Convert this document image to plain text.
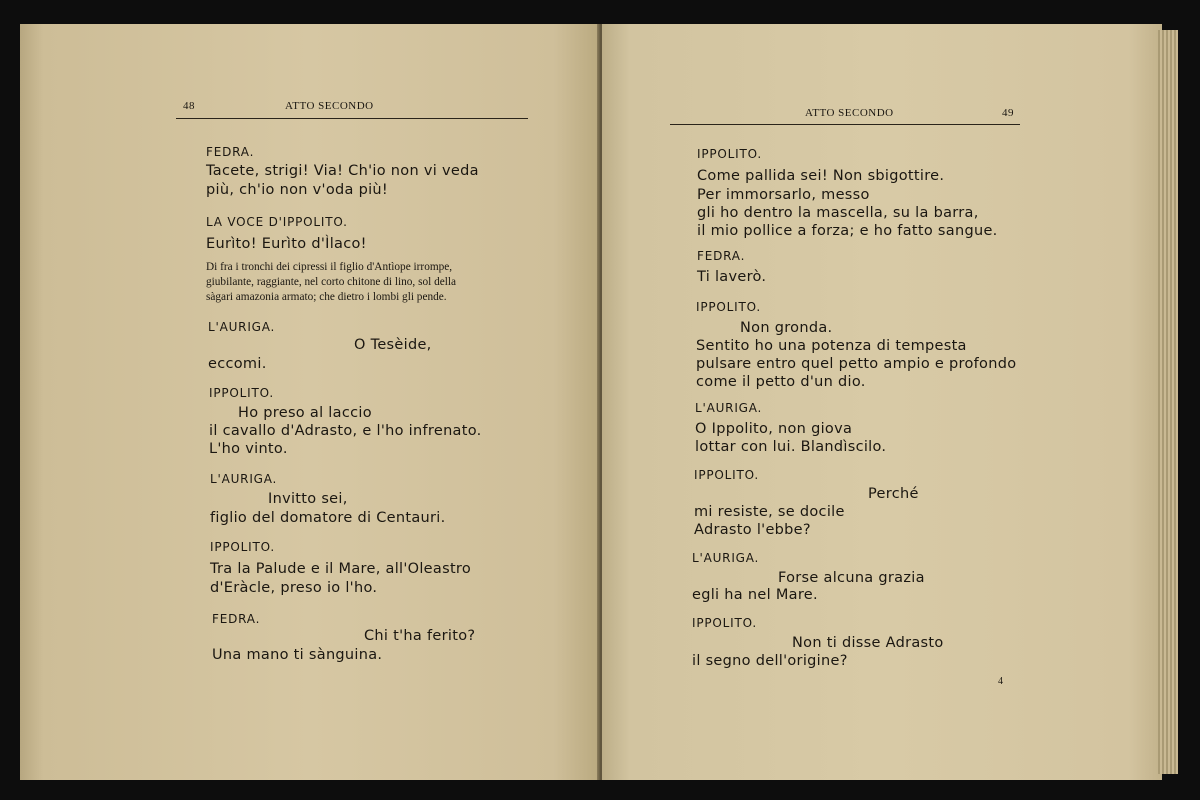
48	ATTO SECONDO
FEDRA.
Tacete, strigi! Via! Ch'io non vi veda
più, ch'io non v'oda più!
LA VOCE D'IPPOLITO.
Eurìto! Eurìto d'Ìlaco!
Di fra i tronchi dei cipressi il figlio d'Antìope irrompe,
giubilante, raggiante, nel corto chitone di lino, sol della
sàgari amazonia armato; che dietro i lombi gli pende.
L'AURIGA.
O Tesèide,
eccomi.
IPPOLITO.
Ho preso al laccio
il cavallo d'Adrasto, e l'ho infrenato.
L'ho vinto.
L'AURIGA.
Invitto sei,
figlio del domatore di Centauri.
IPPOLITO.
Tra la Palude e il Mare, all'Oleastro
d'Eràcle, preso io l'ho.
FEDRA.
Chi t'ha ferito?
Una mano ti sànguina.
ATTO SECONDO	49
IPPOLITO.
Come pallida sei! Non sbigottire.
Per immorsarlo, messo
gli ho dentro la mascella, su la barra,
il mio pollice a forza; e ho fatto sangue.
FEDRA.
Ti laverò.
IPPOLITO.
Non gronda.
Sentito ho una potenza di tempesta
pulsare entro quel petto ampio e profondo
come il petto d'un dio.
L'AURIGA.
O Ippolito, non giova
lottar con lui. Blandìscilo.
IPPOLITO.
Perché
mi resiste, se docile
Adrasto l'ebbe?
L'AURIGA.
Forse alcuna grazia
egli ha nel Mare.
IPPOLITO.
Non ti disse Adrasto
il segno dell'origine?
4
